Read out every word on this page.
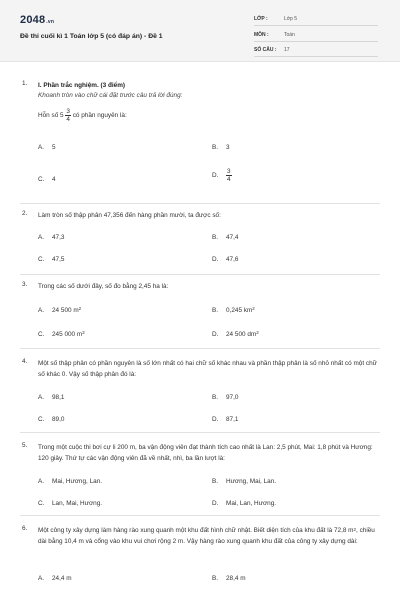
2048.vn
Đề thi cuối kì 1 Toán lớp 5 (có đáp án) - Đề 1
LỚP :	Lớp 5
MÔN :	Toán
SỐ CÂU : 17
1. I. Phần trắc nghiệm. (3 điểm)
Khoanh tròn vào chữ cái đặt trước câu trả lời đúng:
Hỗn số $5 \frac{3}{4}$ có phần nguyên là:
A. 5	B. 3
C. 4
D. $\frac{3}{4}$
2. Làm tròn số thập phân 47,356 đến hàng phần mười, ta được số:
A. 47,3	B. 47,4
C. 47,5	D. 47,6
3. Trong các số dưới đây, số đo bằng 2,45 ha là:
A. 24 500 $m^2$	B. 0,245 $km^2$
C. 245 000 $m^2$	D. 24 500 $dm^2$
4. Một số thập phân có phần nguyên là số lớn nhất có hai chữ số khác nhau và phần thập phân là số nhỏ nhất có một chữ số khác 0. Vậy số thập phân đó là:
A. 98,1	B. 97,0
C. 89,0	D. 87,1
5. Trong một cuộc thi bơi cự li 200 m, ba vận động viên đạt thành tích cao nhất là Lan: 2,5 phút, Mai: 1,8 phút và Hương: 120 giây. Thứ tự các vận động viên đã về nhất, nhì, ba lần lượt là:
A. Mai, Hương, Lan.	B. Hương, Mai, Lan.
C. Lan, Mai, Hương.	D. Mai, Lan, Hương.
6. Một công ty xây dựng làm hàng rào xung quanh một khu đất hình chữ nhật. Biết diện tích của khu đất là 72,8 $m^2$, chiều dài bằng 10,4 m và cổng vào khu vui chơi rộng 2 m. Vậy hàng rào xung quanh khu đất của công ty xây dựng dài:
A. 24,4 m	B. 28,4 m
